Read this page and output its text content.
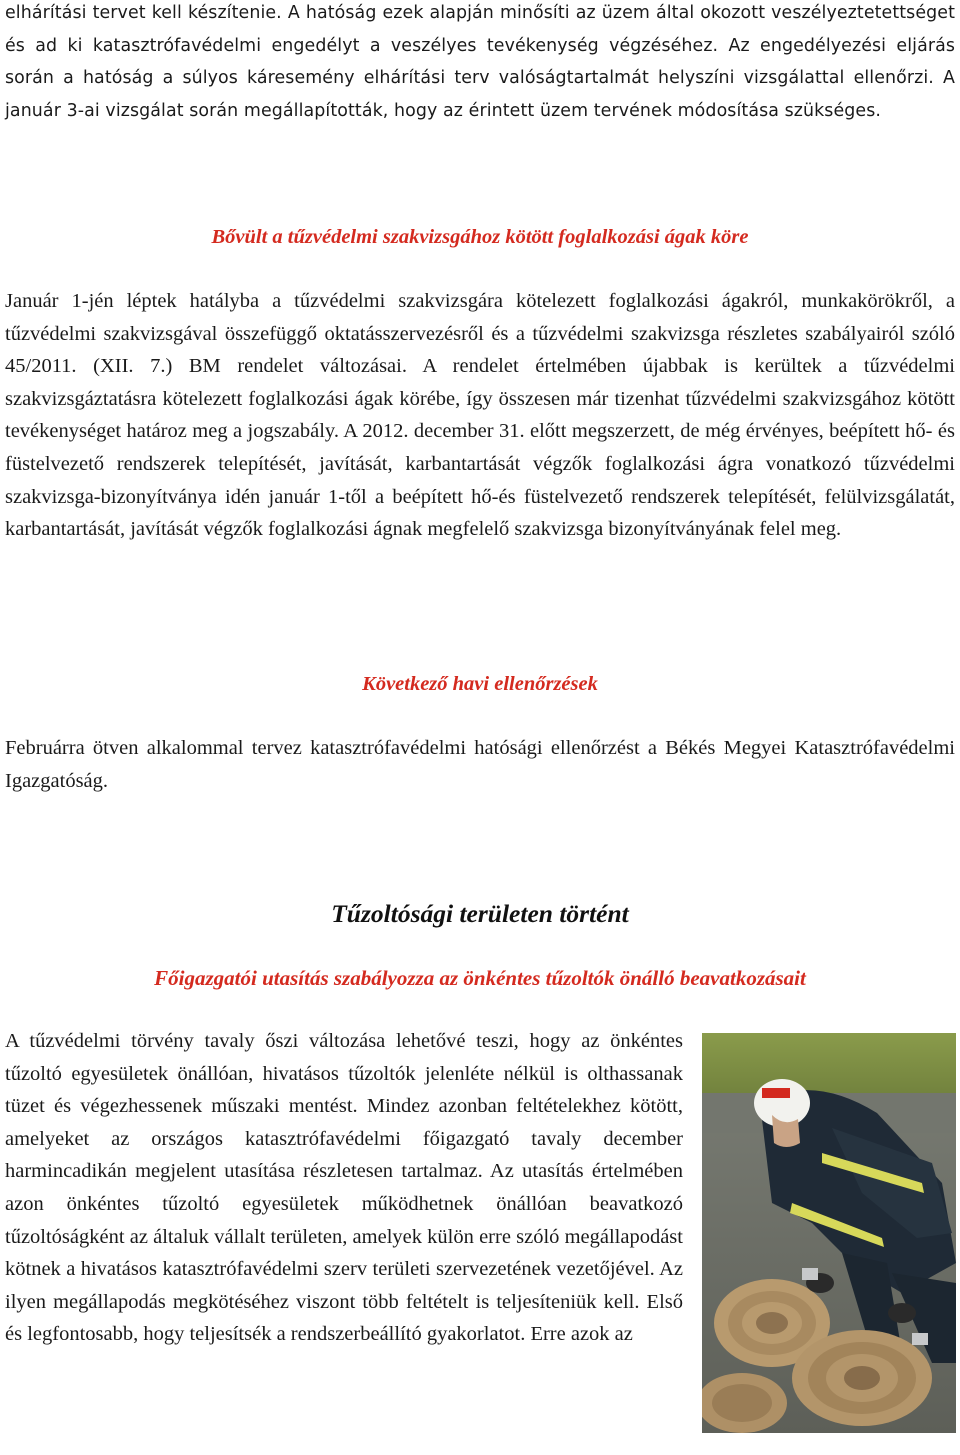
elhárítási tervet kell készítenie. A hatóság ezek alapján minősíti az üzem által okozott veszélyeztetettséget és ad ki katasztrófavédelmi engedélyt a veszélyes tevékenység végzéséhez. Az engedélyezési eljárás során a hatóság a súlyos káresemény elhárítási terv valóságtartalmát helyszíni vizsgálattal ellenőrzi. A január 3-ai vizsgálat során megállapították, hogy az érintett üzem tervének módosítása szükséges.

Bővült a tűzvédelmi szakvizsgához kötött foglalkozási ágak köre

Január 1-jén léptek hatályba a tűzvédelmi szakvizsgára kötelezett foglalkozási ágakról, munkakörökről, a tűzvédelmi szakvizsgával összefüggő oktatásszervezésről és a tűzvédelmi szakvizsga részletes szabályairól szóló 45/2011. (XII. 7.) BM rendelet változásai. A rendelet értelmében újabbak is kerültek a tűzvédelmi szakvizsgáztatásra kötelezett foglalkozási ágak körébe, így összesen már tizenhat tűzvédelmi szakvizsgához kötött tevékenységet határoz meg a jogszabály. A 2012. december 31. előtt megszerzett, de még érvényes, beépített hő- és füstelvezető rendszerek telepítését, javítását, karbantartását végzők foglalkozási ágra vonatkozó tűzvédelmi szakvizsga-bizonyítványa idén január 1-től a beépített hő-és füstelvezető rendszerek telepítését, felülvizsgálatát, karbantartását, javítását végzők foglalkozási ágnak megfelelő szakvizsga bizonyítványának felel meg.

Következő havi ellenőrzések

Februárra ötven alkalommal tervez katasztrófavédelmi hatósági ellenőrzést a Békés Megyei Katasztrófavédelmi Igazgatóság.

Tűzoltósági területen történt
Főigazgatói utasítás szabályozza az önkéntes tűzoltók önálló beavatkozásait

A tűzvédelmi törvény tavaly őszi változása lehetővé teszi, hogy az önkéntes tűzoltó egyesületek önállóan, hivatásos tűzoltók jelenléte nélkül is olthassanak tüzet és végezhessenek műszaki mentést. Mindez azonban feltételekhez kötött, amelyeket az országos katasztrófavédelmi főigazgató tavaly december harmincadikán megjelent utasítása részletesen tartalmaz. Az utasítás értelmében azon önkéntes tűzoltó egyesületek működhetnek önállóan beavatkozó tűzoltóságként az általuk vállalt területen, amelyek külön erre szóló megállapodást kötnek a hivatásos katasztrófavédelmi szerv területi szervezetének vezetőjével. Az ilyen megállapodás megkötéséhez viszont több feltételt is teljesíteniük kell. Első és legfontosabb, hogy teljesítsék a rendszerbeállító gyakorlatot. Erre azok az
